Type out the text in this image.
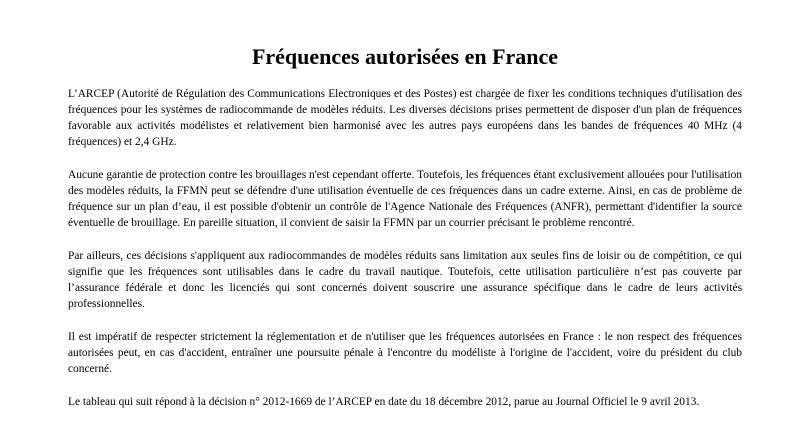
Fréquences autorisées en France

L’ARCEP (Autorité de Régulation des Communications Electroniques et des Postes) est chargée de fixer les conditions techniques d'utilisation des fréquences pour les systèmes de radiocommande de modèles réduits. Les diverses décisions prises permettent de disposer d'un plan de fréquences favorable aux activités modélistes et relativement bien harmonisé avec les autres pays européens dans les bandes de fréquences 40 MHz (4 fréquences) et 2,4 GHz.

Aucune garantie de protection contre les brouillages n'est cependant offerte. Toutefois, les fréquences étant exclusivement allouées pour l'utilisation des modèles réduits, la FFMN peut se défendre d'une utilisation éventuelle de ces fréquences dans un cadre externe. Ainsi, en cas de problème de fréquence sur un plan d’eau, il est possible d'obtenir un contrôle de l'Agence Nationale des Fréquences (ANFR), permettant d'identifier la source éventuelle de brouillage. En pareille situation, il convient de saisir la FFMN par un courrier précisant le problème rencontré.

Par ailleurs, ces décisions s'appliquent aux radiocommandes de modèles réduits sans limitation aux seules fins de loisir ou de compétition, ce qui signifie que les fréquences sont utilisables dans le cadre du travail nautique. Toutefois, cette utilisation particulière n’est pas couverte par l’assurance fédérale et donc les licenciés qui sont concernés doivent souscrire une assurance spécifique dans le cadre de leurs activités professionnelles.

Il est impératif de respecter strictement la réglementation et de n'utiliser que les fréquences autorisées en France : le non respect des fréquences autorisées peut, en cas d'accident, entraîner une poursuite pénale à l'encontre du modéliste à l'origine de l'accident, voire du président du club concerné.

Le tableau qui suit répond à la décision n° 2012-1669 de l’ARCEP en date du 18 décembre 2012, parue au Journal Officiel le 9 avril 2013.
